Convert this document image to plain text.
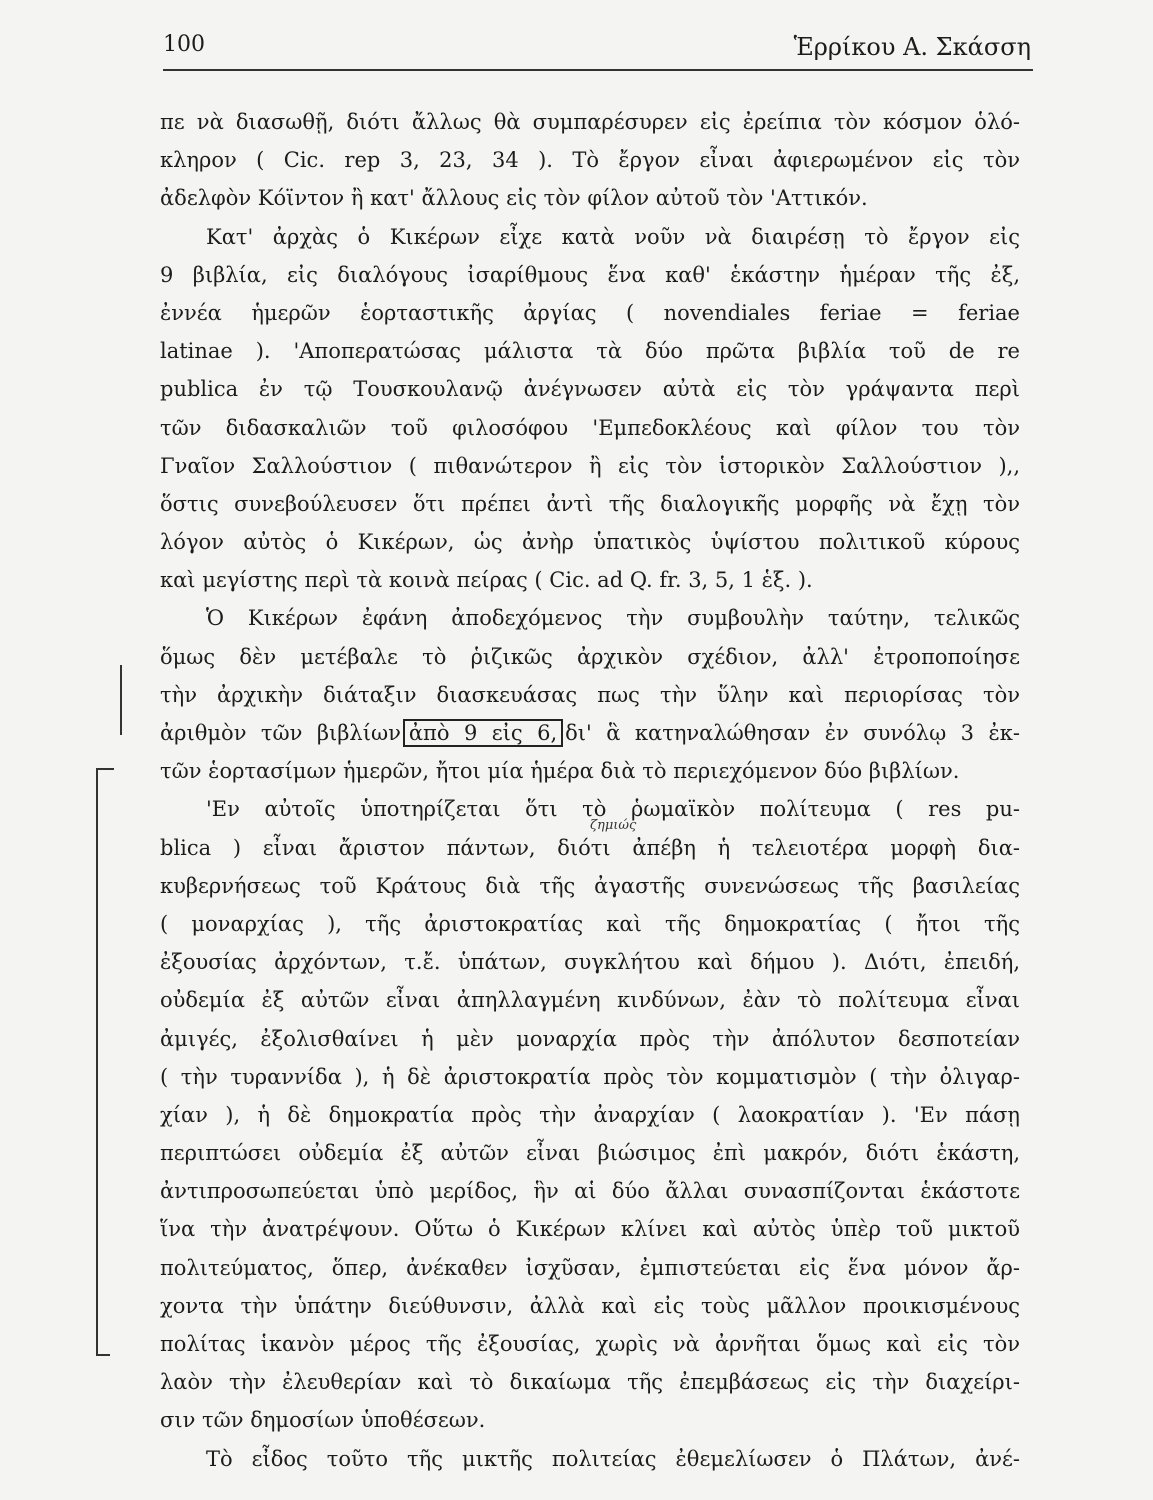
100	Ἑρρίκου Α. Σκάσση
πε νὰ διασωθῇ, διότι ἄλλως θὰ συμπαρέσυρεν εἰς ἐρείπια τὸν κόσμον ὁλό-
κληρον ( Cic. rep 3, 23, 34 ). Τὸ ἔργον εἶναι ἀφιερωμένον εἰς τὸν
ἀδελφὸν Κόϊντον ἢ κατ' ἄλλους εἰς τὸν φίλον αὐτοῦ τὸν 'Αττικόν.
Κατ' ἀρχὰς ὁ Κικέρων εἶχε κατὰ νοῦν νὰ διαιρέσῃ τὸ ἔργον εἰς
9 βιβλία, εἰς διαλόγους ἰσαρίθμους ἕνα καθ' ἑκάστην ἡμέραν τῆς ἐξ,
ἐννέα ἡμερῶν ἑορταστικῆς ἀργίας ( novendiales feriae = feriae
latinae ). 'Αποπερατώσας μάλιστα τὰ δύο πρῶτα βιβλία τοῦ de re
publica ἐν τῷ Τουσκουλανῷ ἀνέγνωσεν αὐτὰ εἰς τὸν γράψαντα περὶ
τῶν διδασκαλιῶν τοῦ φιλοσόφου 'Εμπεδοκλέους καὶ φίλον του τὸν
Γναῖον Σαλλούστιον ( πιθανώτερον ἢ εἰς τὸν ἱστορικὸν Σαλλούστιον ),,
ὅστις συνεβούλευσεν ὅτι πρέπει ἀντὶ τῆς διαλογικῆς μορφῆς νὰ ἔχῃ τὸν
λόγον αὐτὸς ὁ Κικέρων, ὡς ἀνὴρ ὑπατικὸς ὑψίστου πολιτικοῦ κύρους
καὶ μεγίστης περὶ τὰ κοινὰ πείρας ( Cic. ad Q. fr. 3, 5, 1 ἑξ. ).
Ὁ Κικέρων ἐφάνη ἀποδεχόμενος τὴν συμβουλὴν ταύτην, τελικῶς
ὅμως δὲν μετέβαλε τὸ ῥιζικῶς ἀρχικὸν σχέδιον, ἀλλ' ἐτροποποίησε
τὴν ἀρχικὴν διάταξιν διασκευάσας πως τὴν ὕλην καὶ περιορίσας τὸν
ἀριθμὸν τῶν βιβλίων ἀπὸ 9 εἰς 6, δι' ἃ κατηναλώθησαν ἐν συνόλῳ 3 ἐκ-
τῶν ἑορτασίμων ἡμερῶν, ἤτοι μία ἡμέρα διὰ τὸ περιεχόμενον δύο βιβλίων.
'Εν αὐτοῖς ὑποτηρίζεται ὅτι τὸ ῥωμαϊκὸν πολίτευμα ( res pu-
blica ) εἶναι ἄριστον πάντων, διότι ἀπέβη ἡ τελειοτέρα μορφὴ δια-
κυβερνήσεως τοῦ Κράτους διὰ τῆς ἀγαστῆς συνενώσεως τῆς βασιλείας
( μοναρχίας ), τῆς ἀριστοκρατίας καὶ τῆς δημοκρατίας ( ἤτοι τῆς
ἐξουσίας ἀρχόντων, τ.ἔ. ὑπάτων, συγκλήτου καὶ δήμου ). Διότι, ἐπειδή,
οὐδεμία ἐξ αὐτῶν εἶναι ἀπηλλαγμένη κινδύνων, ἐὰν τὸ πολίτευμα εἶναι
ἀμιγές, ἐξολισθαίνει ἡ μὲν μοναρχία πρὸς τὴν ἀπόλυτον δεσποτείαν
( τὴν τυραννίδα ), ἡ δὲ ἀριστοκρατία πρὸς τὸν κομματισμὸν ( τὴν ὀλιγαρ-
χίαν ), ἡ δὲ δημοκρατία πρὸς τὴν ἀναρχίαν ( λαοκρατίαν ). 'Εν πάσῃ
περιπτώσει οὐδεμία ἐξ αὐτῶν εἶναι βιώσιμος ἐπὶ μακρόν, διότι ἑκάστη,
ἀντιπροσωπεύεται ὑπὸ μερίδος, ἣν αἱ δύο ἄλλαι συνασπίζονται ἑκάστοτε
ἵνα τὴν ἀνατρέψουν. Οὕτω ὁ Κικέρων κλίνει καὶ αὐτὸς ὑπὲρ τοῦ μικτοῦ
πολιτεύματος, ὅπερ, ἀνέκαθεν ἰσχῦσαν, ἐμπιστεύεται εἰς ἕνα μόνον ἄρ-
χοντα τὴν ὑπάτην διεύθυνσιν, ἀλλὰ καὶ εἰς τοὺς μᾶλλον προικισμένους
πολίτας ἱκανὸν μέρος τῆς ἐξουσίας, χωρὶς νὰ ἀρνῆται ὅμως καὶ εἰς τὸν
λαὸν τὴν ἐλευθερίαν καὶ τὸ δικαίωμα τῆς ἐπεμβάσεως εἰς τὴν διαχείρι-
σιν τῶν δημοσίων ὑποθέσεων.
Τὸ εἶδος τοῦτο τῆς μικτῆς πολιτείας ἐθεμελίωσεν ὁ Πλάτων, ἀνέ-
ζημιώς
